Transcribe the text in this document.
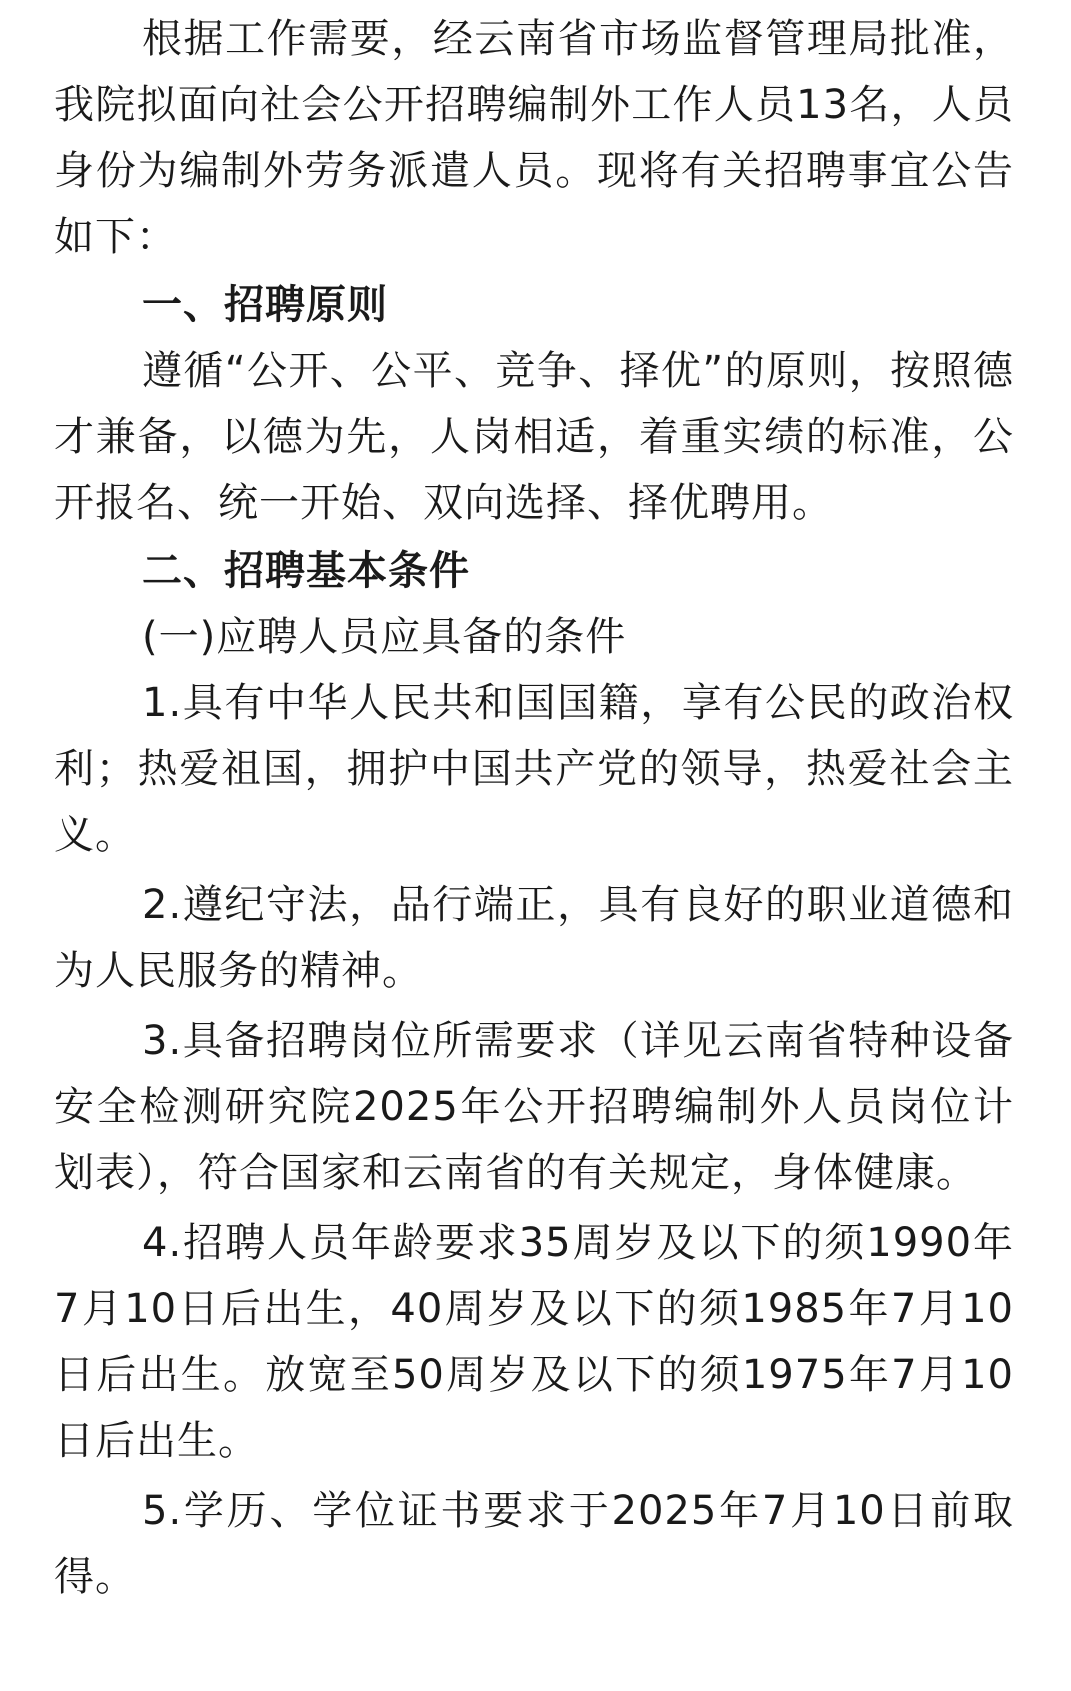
根据工作需要，经云南省市场监督管理局批准，我院拟面向社会公开招聘编制外工作人员13名，人员身份为编制外劳务派遣人员。现将有关招聘事宜公告如下：

一、招聘原则

遵循“公开、公平、竞争、择优”的原则，按照德才兼备，以德为先，人岗相适，着重实绩的标准，公开报名、统一开始、双向选择、择优聘用。

二、招聘基本条件

(一)应聘人员应具备的条件

1.具有中华人民共和国国籍，享有公民的政治权利；热爱祖国，拥护中国共产党的领导，热爱社会主义。

2.遵纪守法，品行端正，具有良好的职业道德和为人民服务的精神。

3.具备招聘岗位所需要求（详见云南省特种设备安全检测研究院2025年公开招聘编制外人员岗位计划表），符合国家和云南省的有关规定，身体健康。

4.招聘人员年龄要求35周岁及以下的须1990年7月10日后出生，40周岁及以下的须1985年7月10日后出生。放宽至50周岁及以下的须1975年7月10日后出生。

5.学历、学位证书要求于2025年7月10日前取得。
